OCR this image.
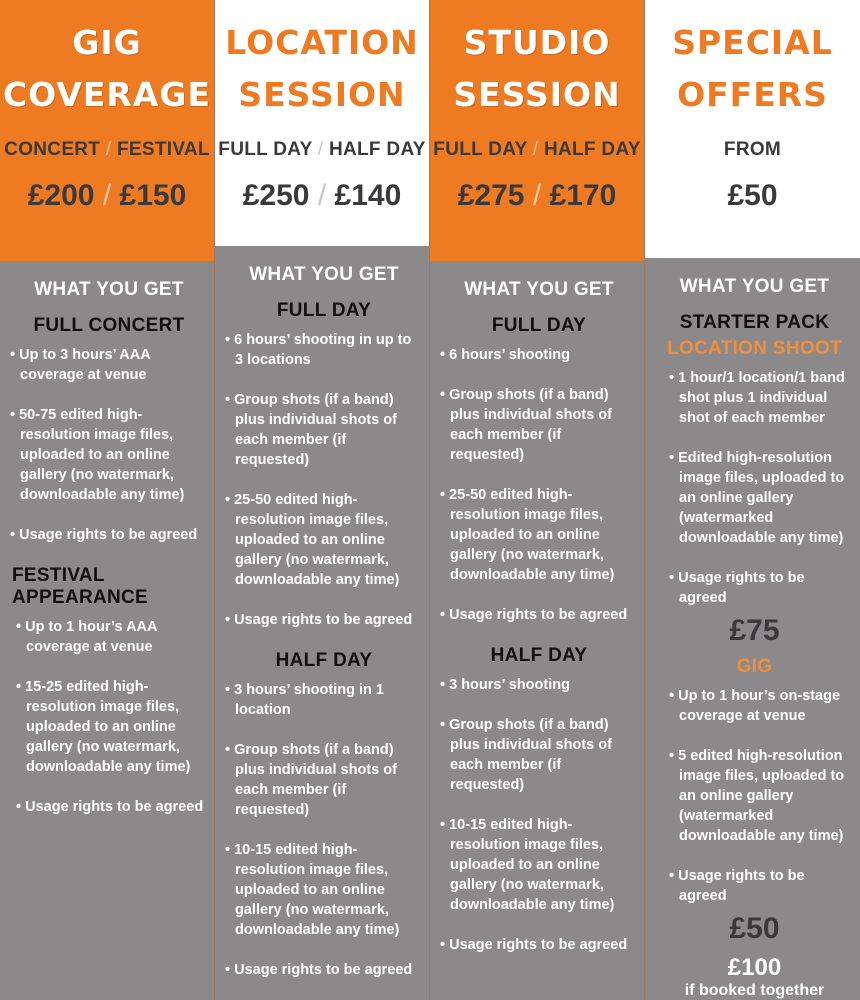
GIG
COVERAGE
CONCERT / FESTIVAL
£200 / £150
WHAT YOU GET
FULL CONCERT
• Up to 3 hours’ AAA coverage at venue
• 50-75 edited high-resolution image files, uploaded to an online gallery (no watermark, downloadable any time)
• Usage rights to be agreed
FESTIVAL APPEARANCE
• Up to 1 hour’s AAA coverage at venue
• 15-25 edited high-resolution image files, uploaded to an online gallery (no watermark, downloadable any time)
• Usage rights to be agreed
LOCATION
SESSION
FULL DAY / HALF DAY
£250 / £140
WHAT YOU GET
FULL DAY
• 6 hours’ shooting in up to 3 locations
• Group shots (if a band) plus individual shots of each member (if requested)
• 25-50 edited high-resolution image files, uploaded to an online gallery (no watermark, downloadable any time)
• Usage rights to be agreed
HALF DAY
• 3 hours’ shooting in 1 location
• Group shots (if a band) plus individual shots of each member (if requested)
• 10-15 edited high-resolution image files, uploaded to an online gallery (no watermark, downloadable any time)
• Usage rights to be agreed
STUDIO
SESSION
FULL DAY / HALF DAY
£275 / £170
WHAT YOU GET
FULL DAY
• 6 hours’ shooting
• Group shots (if a band) plus individual shots of each member (if requested)
• 25-50 edited high-resolution image files, uploaded to an online gallery (no watermark, downloadable any time)
• Usage rights to be agreed
HALF DAY
• 3 hours’ shooting
• Group shots (if a band) plus individual shots of each member (if requested)
• 10-15 edited high-resolution image files, uploaded to an online gallery (no watermark, downloadable any time)
• Usage rights to be agreed
SPECIAL
OFFERS
FROM
£50
WHAT YOU GET
STARTER PACK
LOCATION SHOOT
• 1 hour/1 location/1 band shot plus 1 individual shot of each member
• Edited high-resolution image files, uploaded to an online gallery (watermarked downloadable any time)
• Usage rights to be agreed
£75
GIG
• Up to 1 hour’s on-stage coverage at venue
• 5 edited high-resolution image files, uploaded to an online gallery (watermarked downloadable any time)
• Usage rights to be agreed
£50
£100
if booked together
